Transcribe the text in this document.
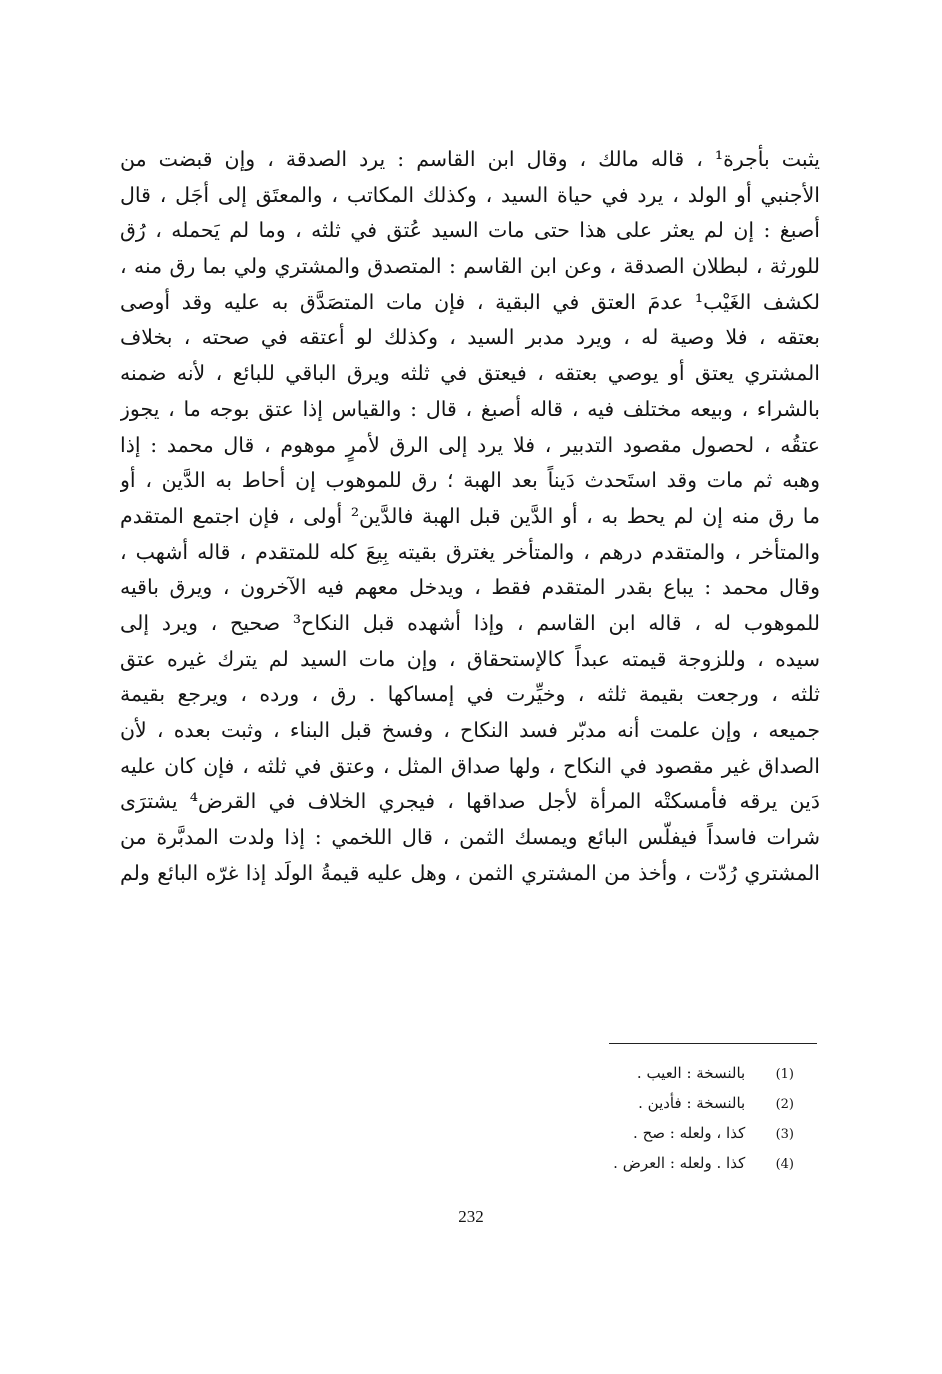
يثبت بأجرة¹ ، قاله مالك ، وقال ابن القاسم : يرد الصدقة ، وإن قبضت من
الأجنبي أو الولد ، يرد في حياة السيد ، وكذلك المكاتب ، والمعتَق إلى أجَل ، قال
أصبغ : إن لم يعثر على هذا حتى مات السيد عُتق في ثلثه ، وما لم يَحمله ، رُق
للورثة ، لبطلان الصدقة ، وعن ابن القاسم : المتصدق والمشتري ولي بما رق منه ،
لكشف الغَيْب¹ عدمَ العتق في البقية ، فإن مات المتصَدَّق به عليه وقد أوصى
بعتقه ، فلا وصية له ، ويرد مدبر السيد ، وكذلك لو أعتقه في صحته ، بخلاف
المشتري يعتق أو يوصي بعتقه ، فيعتق في ثلثه ويرق الباقي للبائع ، لأنه ضمنه
بالشراء ، وبيعه مختلف فيه ، قاله أصبغ ، قال : والقياس إذا عتق بوجه ما ، يجوز
عتقُه ، لحصول مقصود التدبير ، فلا يرد إلى الرق لأمرٍ موهوم ، قال محمد : إذا
وهبه ثم مات وقد استَحدث دَيناً بعد الهبة ؛ رق للموهوب إن أحاط به الدَّين ، أو
ما رق منه إن لم يحط به ، أو الدَّين قبل الهبة فالدَّين² أولى ، فإن اجتمع المتقدم
والمتأخر ، والمتقدم درهم ، والمتأخر يغترق بقيته بِيعَ كله للمتقدم ، قاله أشهب ،
وقال محمد : يباع بقدر المتقدم فقط ، ويدخل معهم فيه الآخرون ، ويرق باقيه
للموهوب له ، قاله ابن القاسم ، وإذا أشهده قبل النكاح³ صحيح ، ويرد إلى
سيده ، وللزوجة قيمته عبداً كالإستحقاق ، وإن مات السيد لم يترك غيره عتق
ثلثه ، ورجعت بقيمة ثلثه ، وخيِّرت في إمساكها . رق ، ورده ، ويرجع بقيمة
جميعه ، وإن علمت أنه مدبّر فسد النكاح ، وفسخ قبل البناء ، وثبت بعده ، لأن
الصداق غير مقصود في النكاح ، ولها صداق المثل ، وعتق في ثلثه ، فإن كان عليه
دَين يرقه فأمسكتْه المرأة لأجل صداقها ، فيجري الخلاف في القرض⁴ يشترَى
شرات فاسداً فيفلّس البائع ويمسك الثمن ، قال اللخمي : إذا ولدت المدبَّرة من
المشتري رُدّت ، وأخذ من المشتري الثمن ، وهل عليه قيمةُ الولَد إذا غرّه البائع ولم
(1) بالنسخة : العيب .
(2) بالنسخة : فأدين .
(3) كذا ، ولعله : صح .
(4) كذا . ولعله : العرض .
232
